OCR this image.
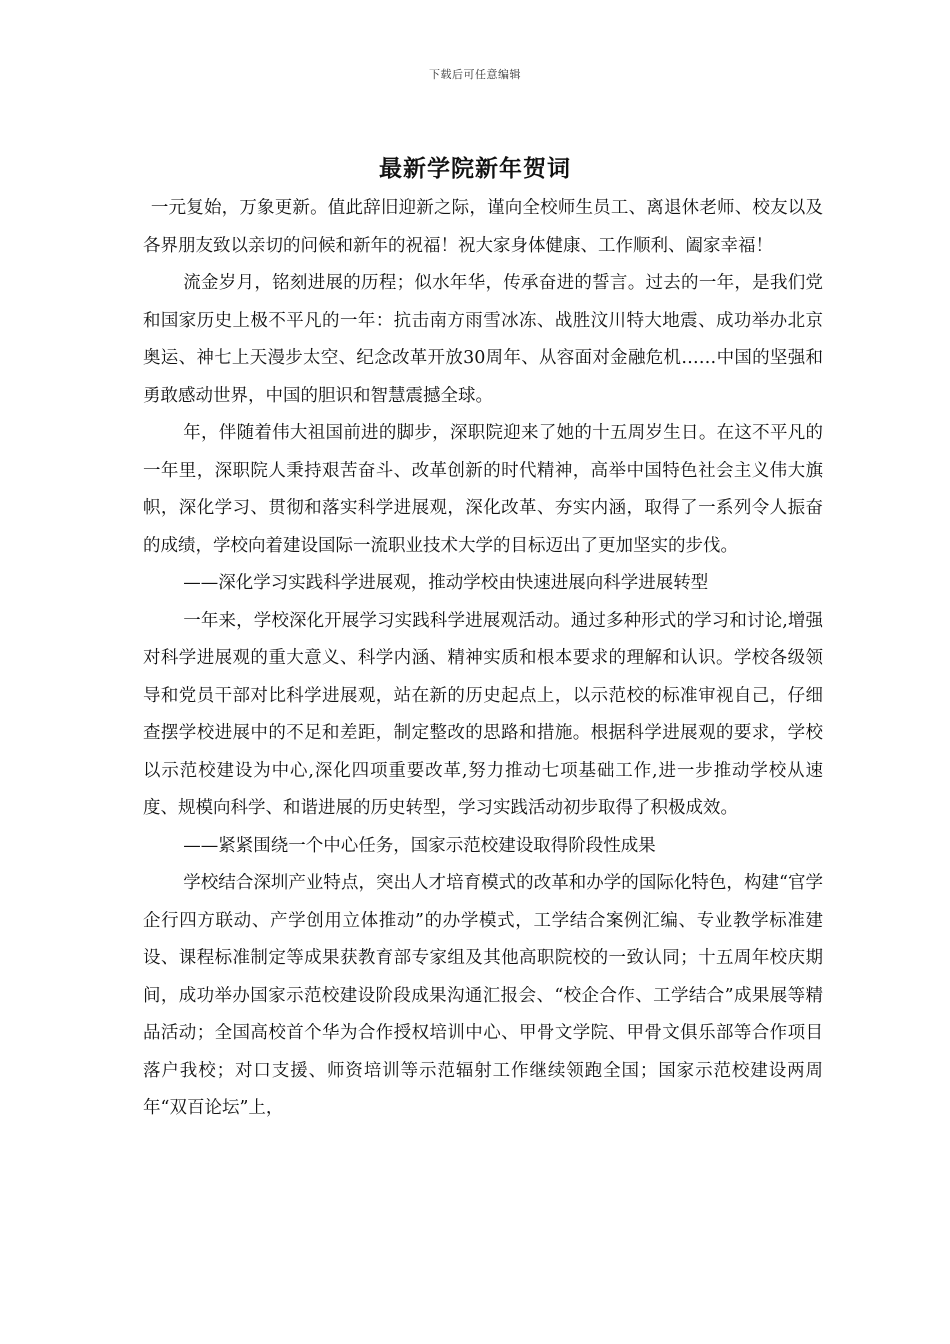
下载后可任意编辑
最新学院新年贺词

一元复始，万象更新。值此辞旧迎新之际，谨向全校师生员工、离退休老师、校友以及各界朋友致以亲切的问候和新年的祝福！祝大家身体健康、工作顺利、阖家幸福！

流金岁月，铭刻进展的历程；似水年华，传承奋进的誓言。过去的一年，是我们党和国家历史上极不平凡的一年：抗击南方雨雪冰冻、战胜汶川特大地震、成功举办北京奥运、神七上天漫步太空、纪念改革开放30周年、从容面对金融危机……中国的坚强和勇敢感动世界，中国的胆识和智慧震撼全球。

年，伴随着伟大祖国前进的脚步，深职院迎来了她的十五周岁生日。在这不平凡的一年里，深职院人秉持艰苦奋斗、改革创新的时代精神，高举中国特色社会主义伟大旗帜，深化学习、贯彻和落实科学进展观，深化改革、夯实内涵，取得了一系列令人振奋的成绩，学校向着建设国际一流职业技术大学的目标迈出了更加坚实的步伐。

——深化学习实践科学进展观，推动学校由快速进展向科学进展转型

一年来，学校深化开展学习实践科学进展观活动。通过多种形式的学习和讨论,增强对科学进展观的重大意义、科学内涵、精神实质和根本要求的理解和认识。学校各级领导和党员干部对比科学进展观，站在新的历史起点上，以示范校的标准审视自己，仔细查摆学校进展中的不足和差距，制定整改的思路和措施。根据科学进展观的要求，学校以示范校建设为中心,深化四项重要改革,努力推动七项基础工作,进一步推动学校从速度、规模向科学、和谐进展的历史转型，学习实践活动初步取得了积极成效。

——紧紧围绕一个中心任务，国家示范校建设取得阶段性成果

学校结合深圳产业特点，突出人才培育模式的改革和办学的国际化特色，构建“官学企行四方联动、产学创用立体推动”的办学模式，工学结合案例汇编、专业教学标准建设、课程标准制定等成果获教育部专家组及其他高职院校的一致认同；十五周年校庆期间，成功举办国家示范校建设阶段成果沟通汇报会、“校企合作、工学结合”成果展等精品活动；全国高校首个华为合作授权培训中心、甲骨文学院、甲骨文俱乐部等合作项目落户我校；对口支援、师资培训等示范辐射工作继续领跑全国；国家示范校建设两周年“双百论坛”上，
